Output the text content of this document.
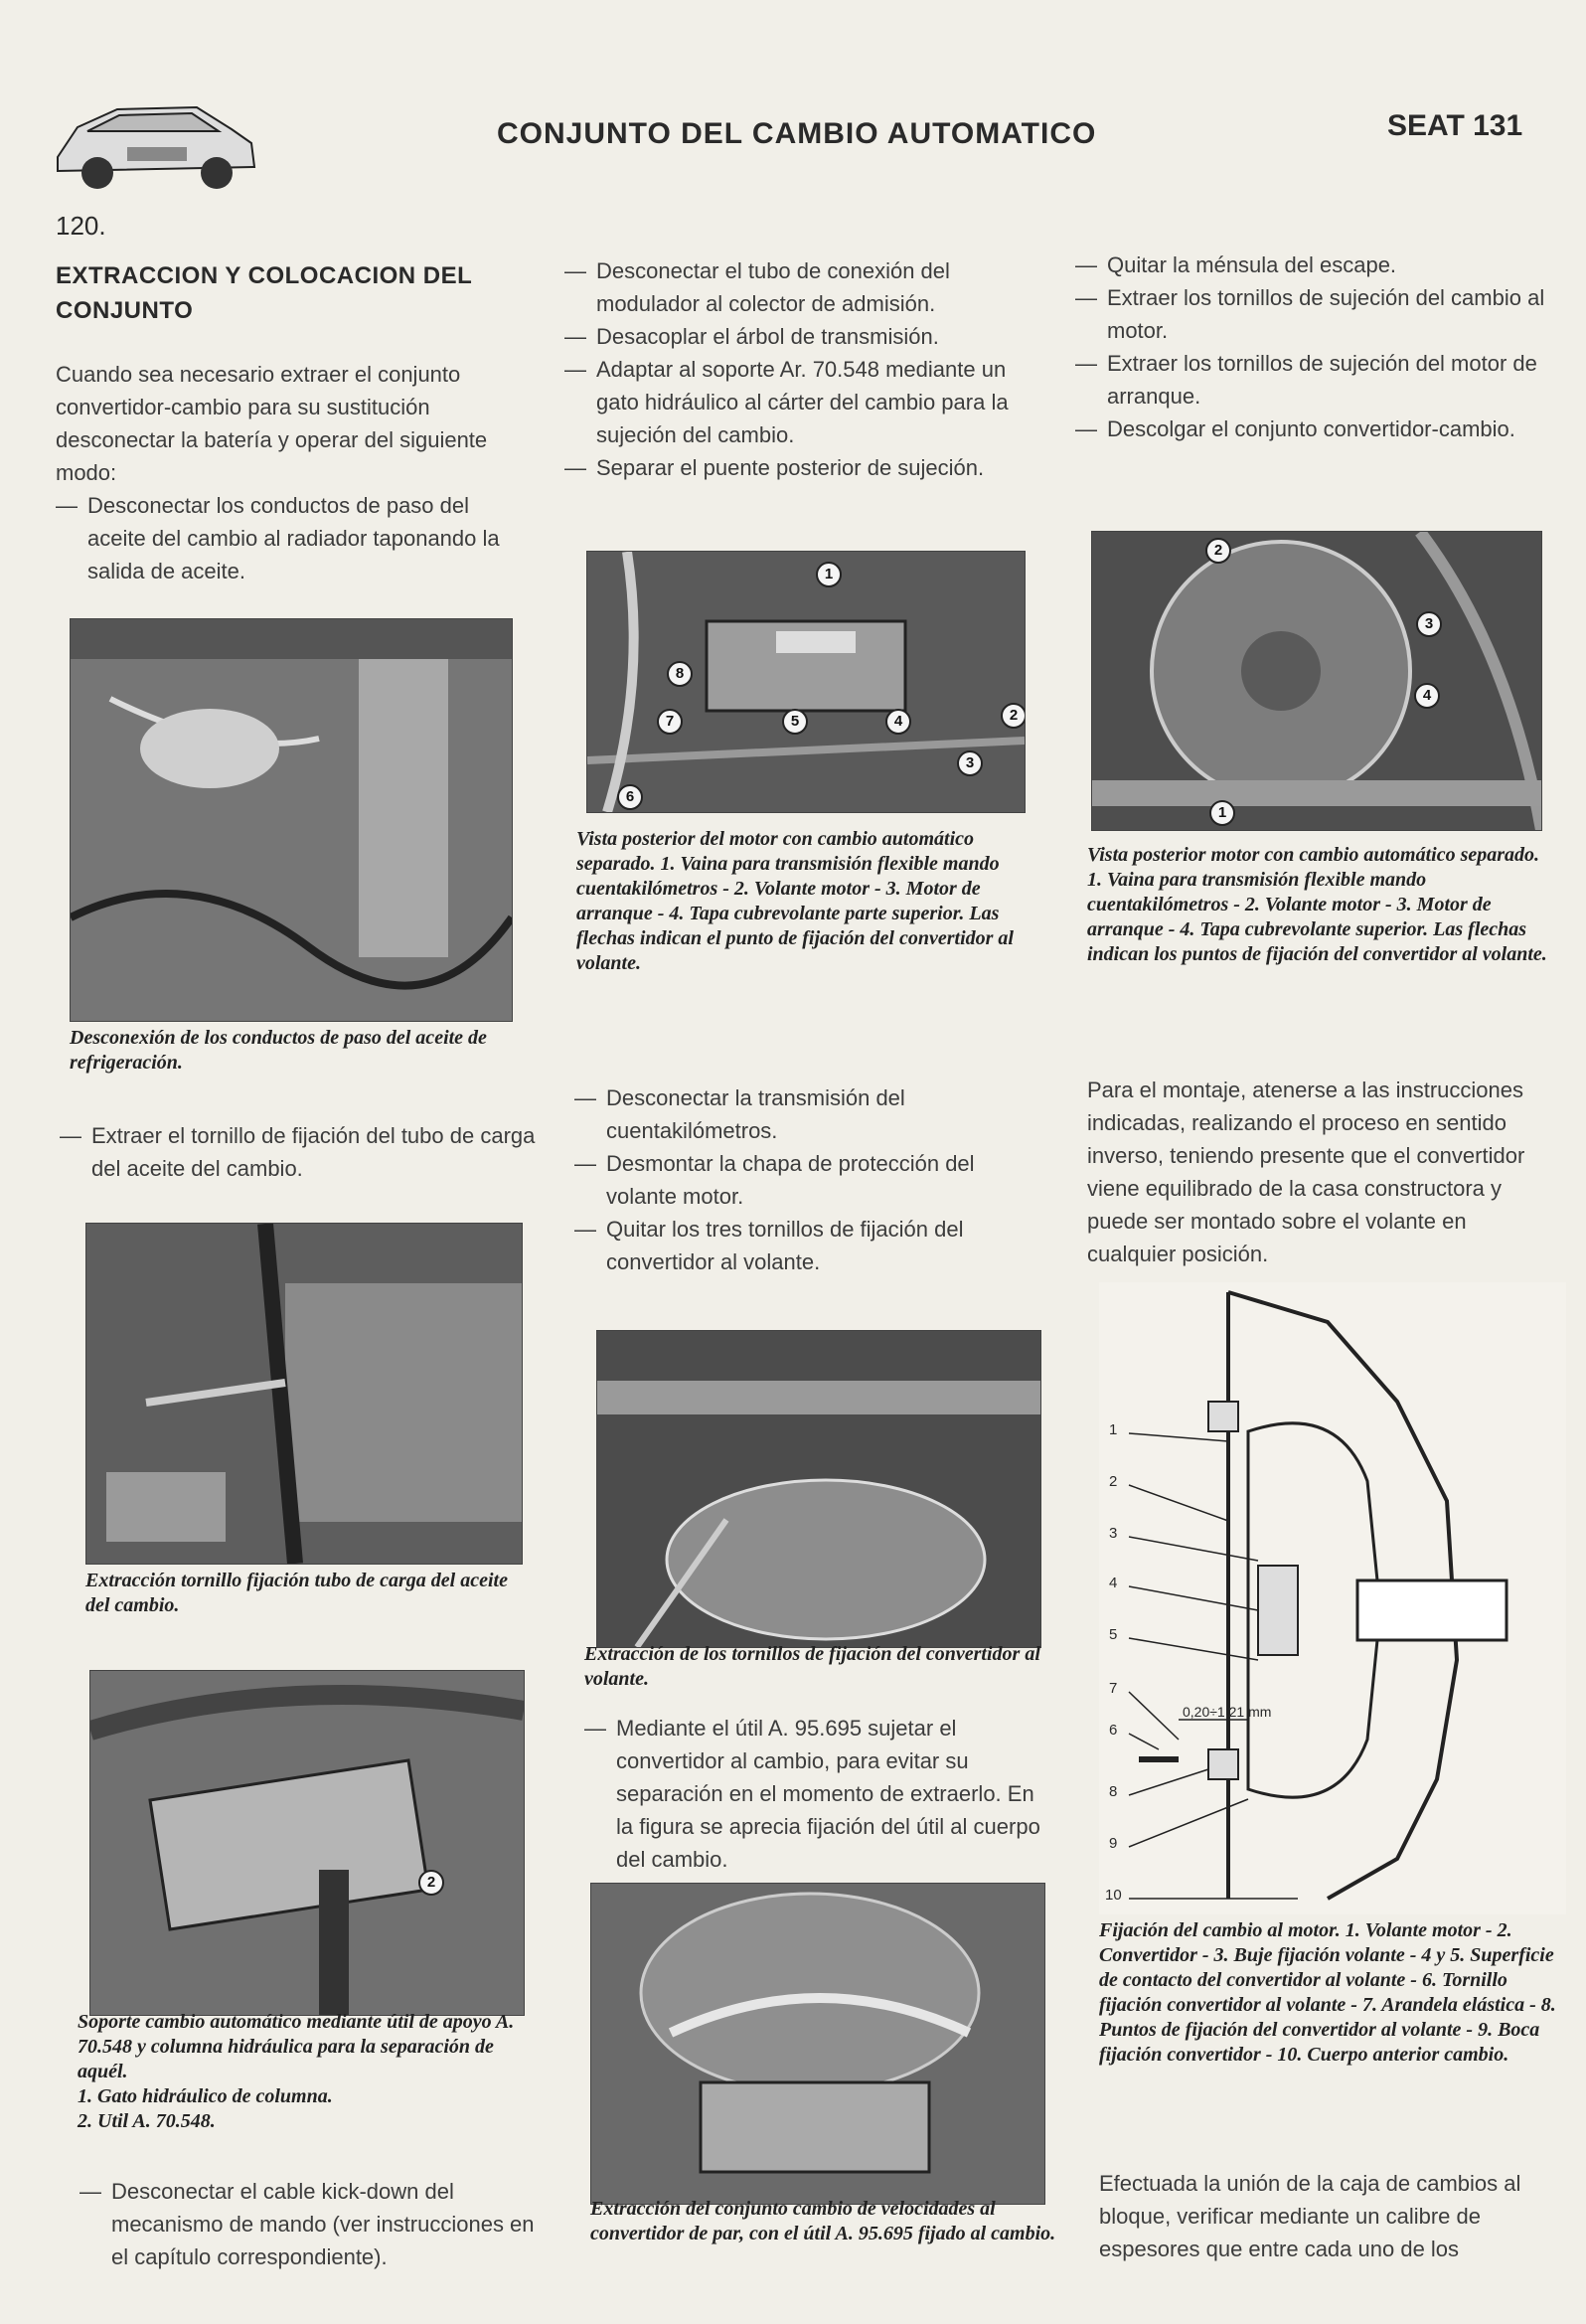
120.
CONJUNTO DEL CAMBIO AUTOMATICO	SEAT 131
EXTRACCION Y COLOCACION DEL CONJUNTO
Cuando sea necesario extraer el conjunto convertidor-cambio para su sustitución desconectar la batería y operar del siguiente modo:
— Desconectar los conductos de paso del aceite del cambio al radiador taponando la salida de aceite.
Desconexión de los conductos de paso del aceite de refrigeración.
— Extraer el tornillo de fijación del tubo de carga del aceite del cambio.
Extracción tornillo fijación tubo de carga del aceite del cambio.
2
Soporte cambio automático mediante útil de apoyo A. 70.548 y columna hidráulica para la separación de aquél.
1. Gato hidráulico de columna.
2. Util A. 70.548.
— Desconectar el cable kick-down del mecanismo de mando (ver instrucciones en el capítulo correspondiente).
— Desconectar el tubo de conexión del modulador al colector de admisión.
— Desacoplar el árbol de transmisión.
— Adaptar al soporte Ar. 70.548 mediante un gato hidráulico al cárter del cambio para la sujeción del cambio.
— Separar el puente posterior de sujeción.
1
8
7	5	4	2
3
6
Vista posterior del motor con cambio automático separado. 1. Vaina para transmisión flexible mando cuentakilómetros - 2. Volante motor - 3. Motor de arranque - 4. Tapa cubrevolante parte superior. Las flechas indican el punto de fijación del convertidor al volante.
— Desconectar la transmisión del cuentakilómetros.
— Desmontar la chapa de protección del volante motor.
— Quitar los tres tornillos de fijación del convertidor al volante.
Extracción de los tornillos de fijación del convertidor al volante.
— Mediante el útil A. 95.695 sujetar el convertidor al cambio, para evitar su separación en el momento de extraerlo. En la figura se aprecia fijación del útil al cuerpo del cambio.
Extracción del conjunto cambio de velocidades al convertidor de par, con el útil A. 95.695 fijado al cambio.
— Quitar la ménsula del escape.
— Extraer los tornillos de sujeción del cambio al motor.
— Extraer los tornillos de sujeción del motor de arranque.
— Descolgar el conjunto convertidor-cambio.
2
3
4
1
Vista posterior motor con cambio automático separado. 1. Vaina para transmisión flexible mando cuentakilómetros - 2. Volante motor - 3. Motor de arranque - 4. Tapa cubrevolante superior. Las flechas indican los puntos de fijación del convertidor al volante.
Para el montaje, atenerse a las instrucciones indicadas, realizando el proceso en sentido inverso, teniendo presente que el convertidor viene equilibrado de la casa constructora y puede ser montado sobre el volante en cualquier posición.
1
2
3
4
5
7
6
8
9
10
0,20÷1,21 mm
Fijación del cambio al motor. 1. Volante motor - 2. Convertidor - 3. Buje fijación volante - 4 y 5. Superficie de contacto del convertidor al volante - 6. Tornillo fijación convertidor al volante - 7. Arandela elástica - 8. Puntos de fijación del convertidor al volante - 9. Boca fijación convertidor - 10. Cuerpo anterior cambio.
Efectuada la unión de la caja de cambios al bloque, verificar mediante un calibre de espesores que entre cada uno de los
